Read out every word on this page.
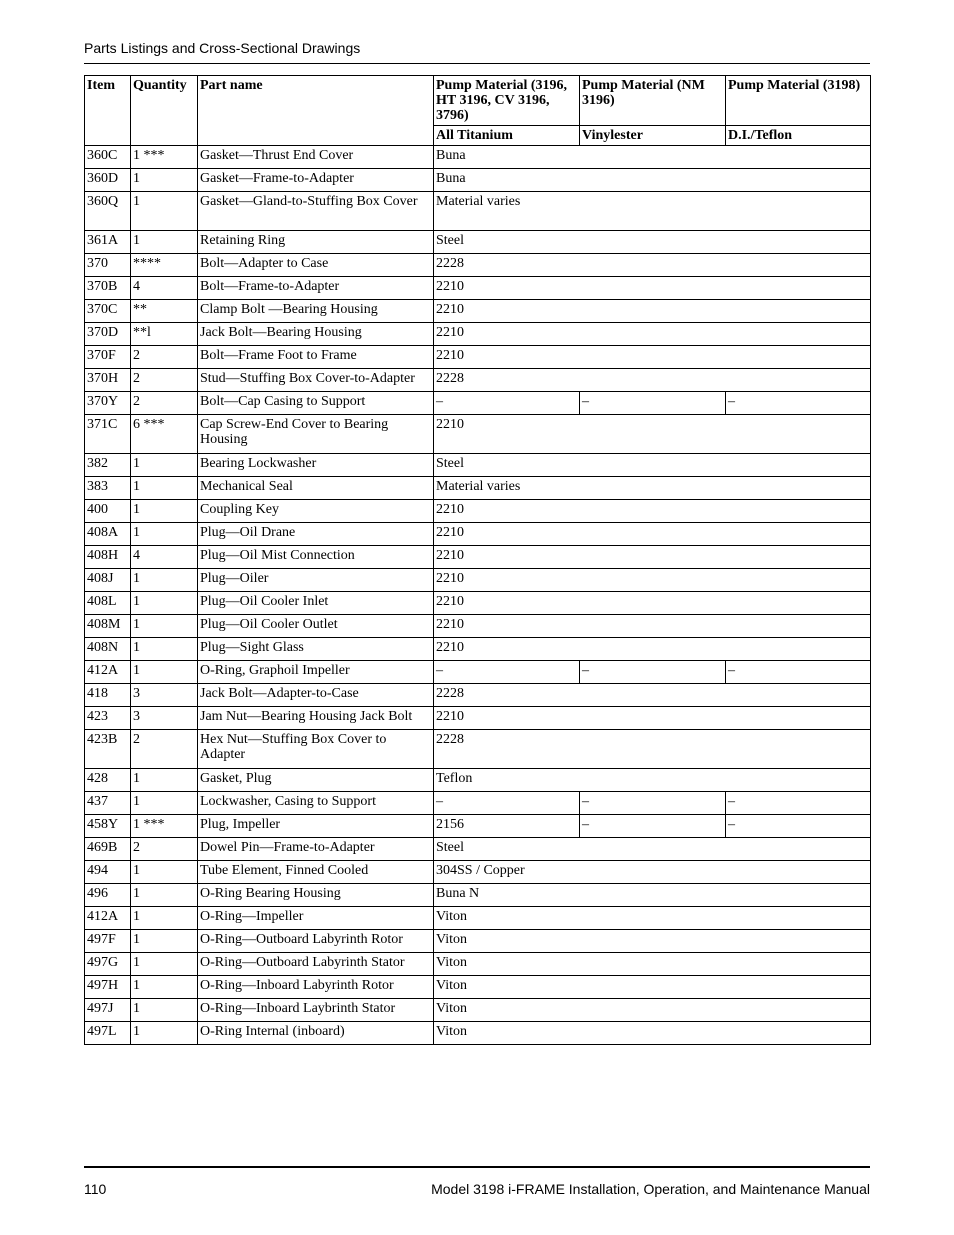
Parts Listings and Cross-Sectional Drawings
Item	Quantity	Part name	Pump Material (3196, HT 3196, CV 3196, 3796)	Pump Material (NM 3196)	Pump Material (3198)
			All Titanium	Vinylester	D.I./Teflon
360C	1 ***	Gasket—Thrust End Cover	Buna		
360D	1	Gasket—Frame-to-Adapter	Buna		
360Q	1	Gasket—Gland-to-Stuffing Box Cover	Material varies		
361A	1	Retaining Ring	Steel		
370	****	Bolt—Adapter to Case	2228		
370B	4	Bolt—Frame-to-Adapter	2210		
370C	**	Clamp Bolt —Bearing Housing	2210		
370D	**l	Jack Bolt—Bearing Housing	2210		
370F	2	Bolt—Frame Foot to Frame	2210		
370H	2	Stud—Stuffing Box Cover-to-Adapter	2228		
370Y	2	Bolt—Cap Casing to Support	–	–	–
371C	6 ***	Cap Screw-End Cover to Bearing Housing	2210		
382	1	Bearing Lockwasher	Steel		
383	1	Mechanical Seal	Material varies		
400	1	Coupling Key	2210		
408A	1	Plug—Oil Drane	2210		
408H	4	Plug—Oil Mist Connection	2210		
408J	1	Plug—Oiler	2210		
408L	1	Plug—Oil Cooler Inlet	2210		
408M	1	Plug—Oil Cooler Outlet	2210		
408N	1	Plug—Sight Glass	2210		
412A	1	O-Ring, Graphoil Impeller	–	–	–
418	3	Jack Bolt—Adapter-to-Case	2228		
423	3	Jam Nut—Bearing Housing Jack Bolt	2210		
423B	2	Hex Nut—Stuffing Box Cover to Adapter	2228		
428	1	Gasket, Plug	Teflon		
437	1	Lockwasher, Casing to Support	–	–	–
458Y	1 ***	Plug, Impeller	2156	–	–
469B	2	Dowel Pin—Frame-to-Adapter	Steel		
494	1	Tube Element, Finned Cooled	304SS / Copper		
496	1	O-Ring Bearing Housing	Buna N		
412A	1	O-Ring—Impeller	Viton		
497F	1	O-Ring—Outboard Labyrinth Rotor	Viton		
497G	1	O-Ring—Outboard Labyrinth Stator	Viton		
497H	1	O-Ring—Inboard Labyrinth Rotor	Viton		
497J	1	O-Ring—Inboard Laybrinth Stator	Viton		
497L	1	O-Ring Internal (inboard)	Viton		
110	Model 3198 i-FRAME Installation, Operation, and Maintenance Manual
